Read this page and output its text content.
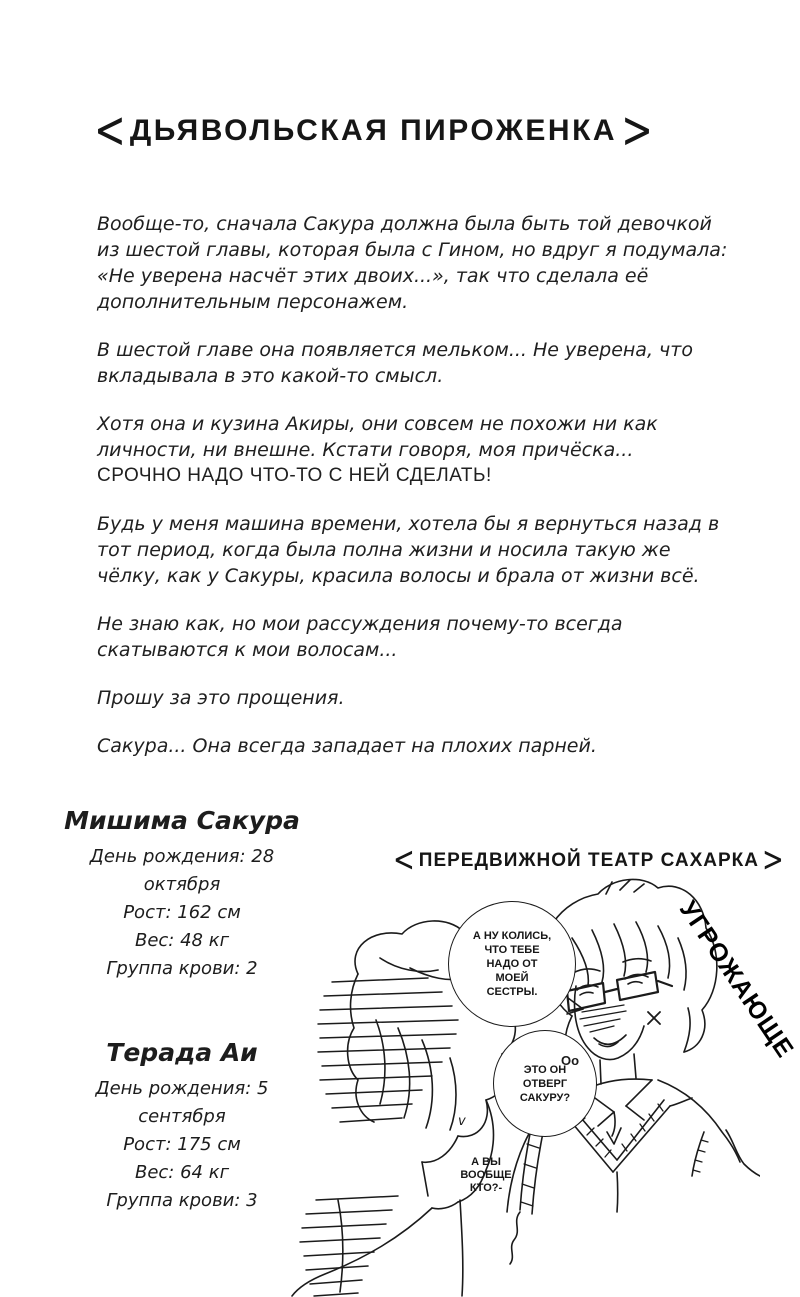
< ДЬЯВОЛЬСКАЯ ПИРОЖЕНКА >

Вообще-то, сначала Сакура должна была быть той девочкой из шестой главы, которая была с Гином, но вдруг я подумала: «Не уверена насчёт этих двоих...», так что сделала её дополнительным персонажем.

В шестой главе она появляется мельком... Не уверена, что вкладывала в это какой-то смысл.

Хотя она и кузина Акиры, они совсем не похожи ни как личности, ни внешне. Кстати говоря, моя причёска...
СРОЧНО НАДО ЧТО-ТО С НЕЙ СДЕЛАТЬ!

Будь у меня машина времени, хотела бы я вернуться назад в тот период, когда была полна жизни и носила такую же чёлку, как у Сакуры, красила волосы и брала от жизни всё.

Не знаю как, но мои рассуждения почему-то всегда скатываются к мои волосам...

Прошу за это прощения.

Сакура... Она всегда западает на плохих парней.

Мишима Сакура
День рождения: 28 октября
Рост: 162 см
Вес: 48 кг
Группа крови: 2
Терада Аи
День рождения: 5 сентября
Рост: 175 см
Вес: 64 кг
Группа крови: 3
< ПЕРЕДВИЖНОЙ ТЕАТР САХАРКА >
А НУ КОЛИСЬ, ЧТО ТЕБЕ НАДО ОТ МОЕЙ СЕСТРЫ.
ЭТО ОН ОТВЕРГ САКУРУ?
Оо
А ВЫ ВООБЩЕ КТО?-
УГРОЖАЮЩЕ
v
